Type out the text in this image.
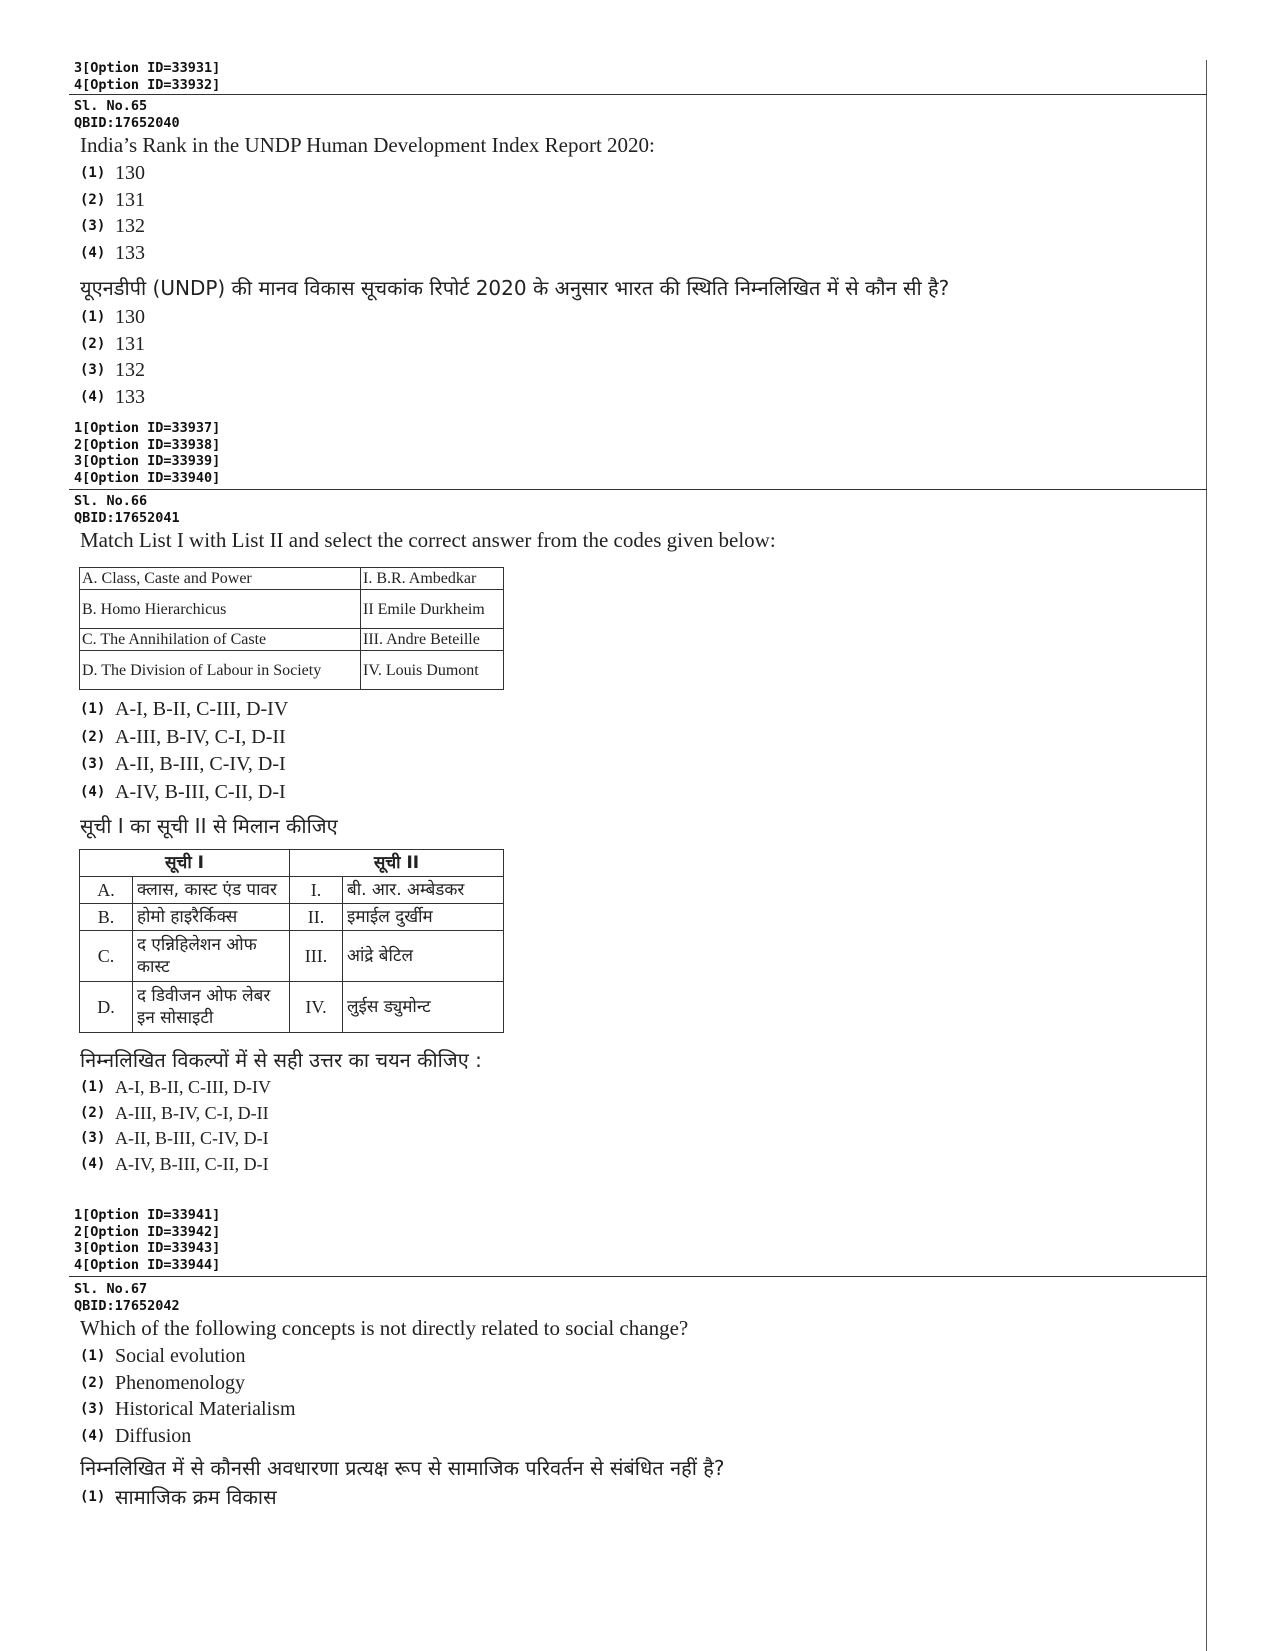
3[Option ID=33931]
4[Option ID=33932]
Sl. No.65
QBID:17652040
India’s Rank in the UNDP Human Development Index Report 2020:
(1) 130
(2) 131
(3) 132
(4) 133
यूएनडीपी (UNDP) की मानव विकास सूचकांक रिपोर्ट 2020 के अनुसार भारत की स्थिति निम्नलिखित में से कौन सी है?
(1) 130
(2) 131
(3) 132
(4) 133
1[Option ID=33937]
2[Option ID=33938]
3[Option ID=33939]
4[Option ID=33940]
Sl. No.66
QBID:17652041
Match List I with List II and select the correct answer from the codes given below:
A. Class, Caste and Power	I. B.R. Ambedkar
B. Homo Hierarchicus	II Emile Durkheim
C. The Annihilation of Caste	III. Andre Beteille
D. The Division of Labour in Society	IV. Louis Dumont
(1) A-I, B-II, C-III, D-IV
(2) A-III, B-IV, C-I, D-II
(3) A-II, B-III, C-IV, D-I
(4) A-IV, B-III, C-II, D-I
सूची I का सूची II से मिलान कीजिए
सूची I		सूची II	
A.	क्लास, कास्ट एंड पावर	I.	बी. आर. अम्बेडकर
B.	होमो हाइरैर्किक्स	II.	इमाईल दुर्खीम
C.	द एन्निहिलेशन ओफ कास्ट	III.	आंद्रे बेटिल
D.	द डिवीजन ओफ लेबर इन सोसाइटी	IV.	लुईस ड्युमोन्ट
निम्नलिखित विकल्पों में से सही उत्तर का चयन कीजिए :
(1) A-I, B-II, C-III, D-IV
(2) A-III, B-IV, C-I, D-II
(3) A-II, B-III, C-IV, D-I
(4) A-IV, B-III, C-II, D-I
1[Option ID=33941]
2[Option ID=33942]
3[Option ID=33943]
4[Option ID=33944]
Sl. No.67
QBID:17652042
Which of the following concepts is not directly related to social change?
(1) Social evolution
(2) Phenomenology
(3) Historical Materialism
(4) Diffusion
निम्नलिखित में से कौनसी अवधारणा प्रत्यक्ष रूप से सामाजिक परिवर्तन से संबंधित नहीं है?
(1) सामाजिक क्रम विकास
